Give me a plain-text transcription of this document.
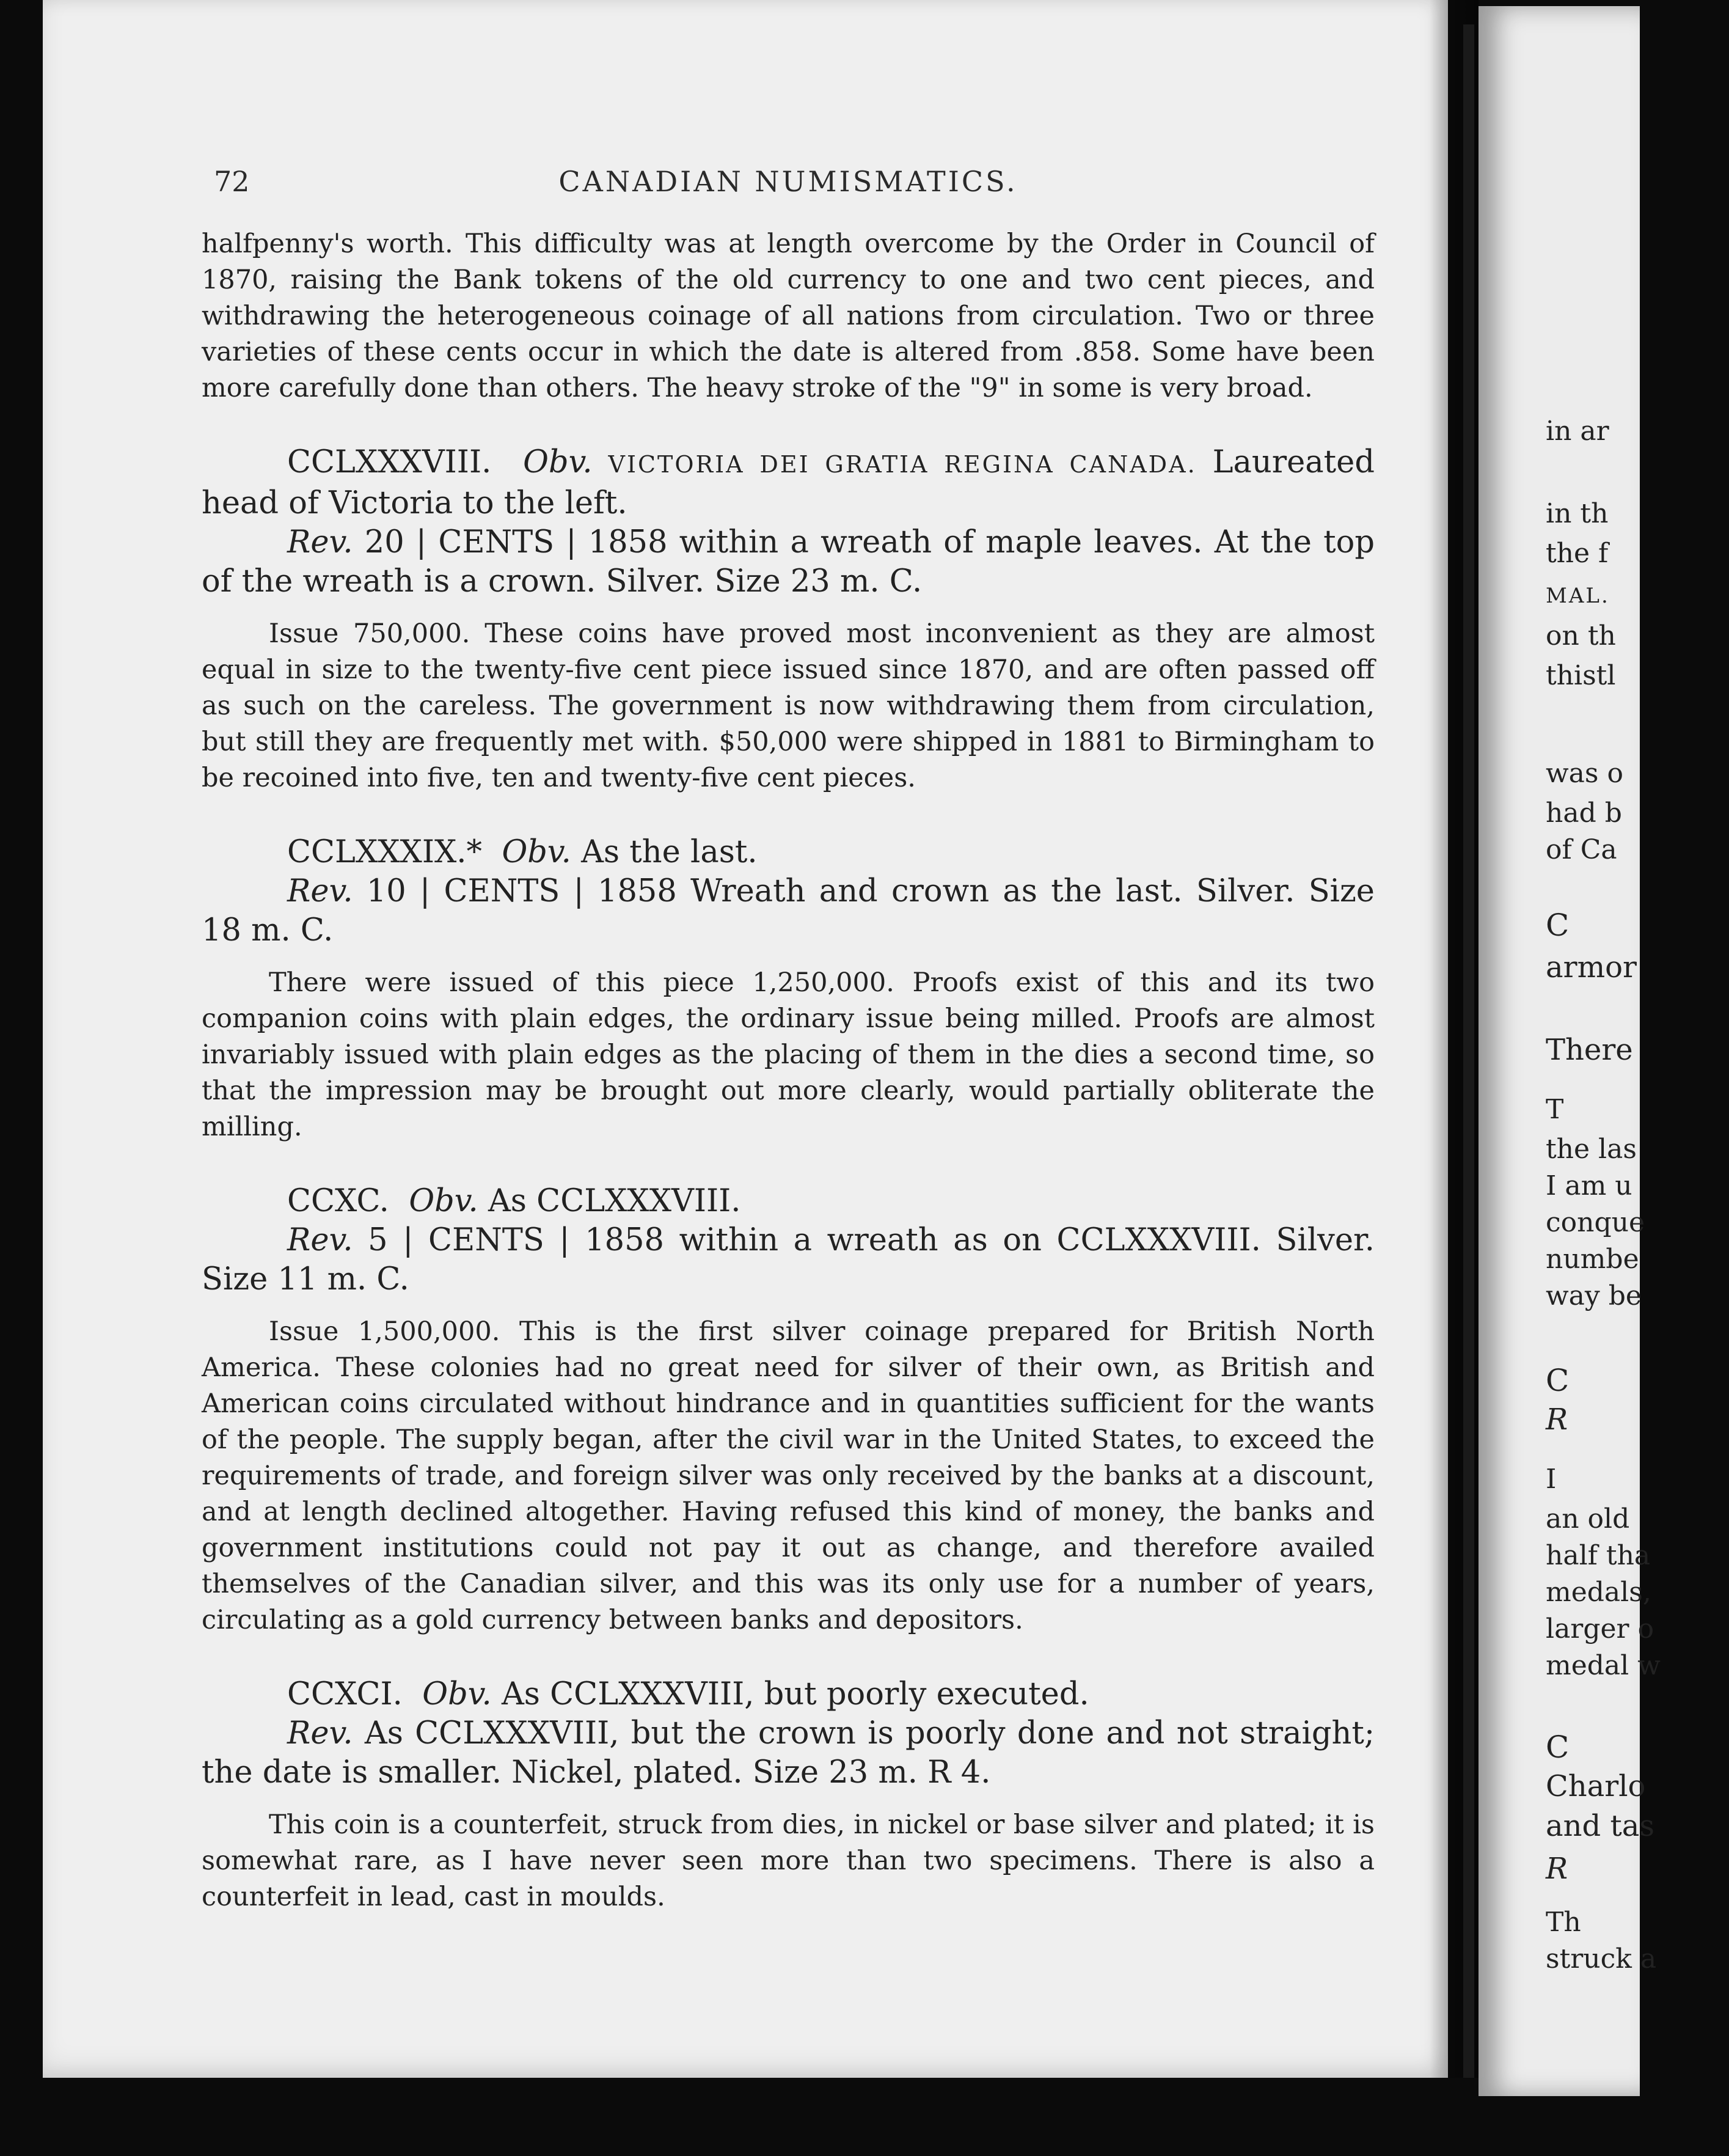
72	CANADIAN NUMISMATICS.

halfpenny's worth. This difficulty was at length overcome by the Order in Council of 1870, raising the Bank tokens of the old currency to one and two cent pieces, and withdrawing the heterogeneous coinage of all nations from circulation. Two or three varieties of these cents occur in which the date is altered from .858. Some have been more carefully done than others. The heavy stroke of the "9" in some is very broad.

CCLXXXVIII. Obv. VICTORIA DEI GRATIA REGINA CANADA. Laureated head of Victoria to the left.
Rev. 20 | CENTS | 1858 within a wreath of maple leaves. At the top of the wreath is a crown. Silver. Size 23 m. C.

Issue 750,000. These coins have proved most inconvenient as they are almost equal in size to the twenty-five cent piece issued since 1870, and are often passed off as such on the careless. The government is now withdrawing them from circulation, but still they are frequently met with. $50,000 were shipped in 1881 to Birmingham to be recoined into five, ten and twenty-five cent pieces.

CCLXXXIX.* Obv. As the last.
Rev. 10 | CENTS | 1858 Wreath and crown as the last. Silver. Size 18 m. C.

There were issued of this piece 1,250,000. Proofs exist of this and its two companion coins with plain edges, the ordinary issue being milled. Proofs are almost invariably issued with plain edges as the placing of them in the dies a second time, so that the impression may be brought out more clearly, would partially obliterate the milling.

CCXC. Obv. As CCLXXXVIII.
Rev. 5 | CENTS | 1858 within a wreath as on CCLXXXVIII. Silver. Size 11 m. C.

Issue 1,500,000. This is the first silver coinage prepared for British North America. These colonies had no great need for silver of their own, as British and American coins circulated without hindrance and in quantities sufficient for the wants of the people. The supply began, after the civil war in the United States, to exceed the requirements of trade, and foreign silver was only received by the banks at a discount, and at length declined altogether. Having refused this kind of money, the banks and government institutions could not pay it out as change, and therefore availed themselves of the Canadian silver, and this was its only use for a number of years, circulating as a gold currency between banks and depositors.

CCXCI. Obv. As CCLXXXVIII, but poorly executed.
Rev. As CCLXXXVIII, but the crown is poorly done and not straight; the date is smaller. Nickel, plated. Size 23 m. R 4.

This coin is a counterfeit, struck from dies, in nickel or base silver and plated; it is somewhat rare, as I have never seen more than two specimens. There is also a counterfeit in lead, cast in moulds.

in ar
in th
the f
MAL.
on th
thistl
was o
had b
of Ca
C
armor
There
T
the las
I am u
conque
numbe
way be
C
R
I
an old
half tha
medals,
larger o
medal w
C
Charlo
and tas
R
Th
struck a
